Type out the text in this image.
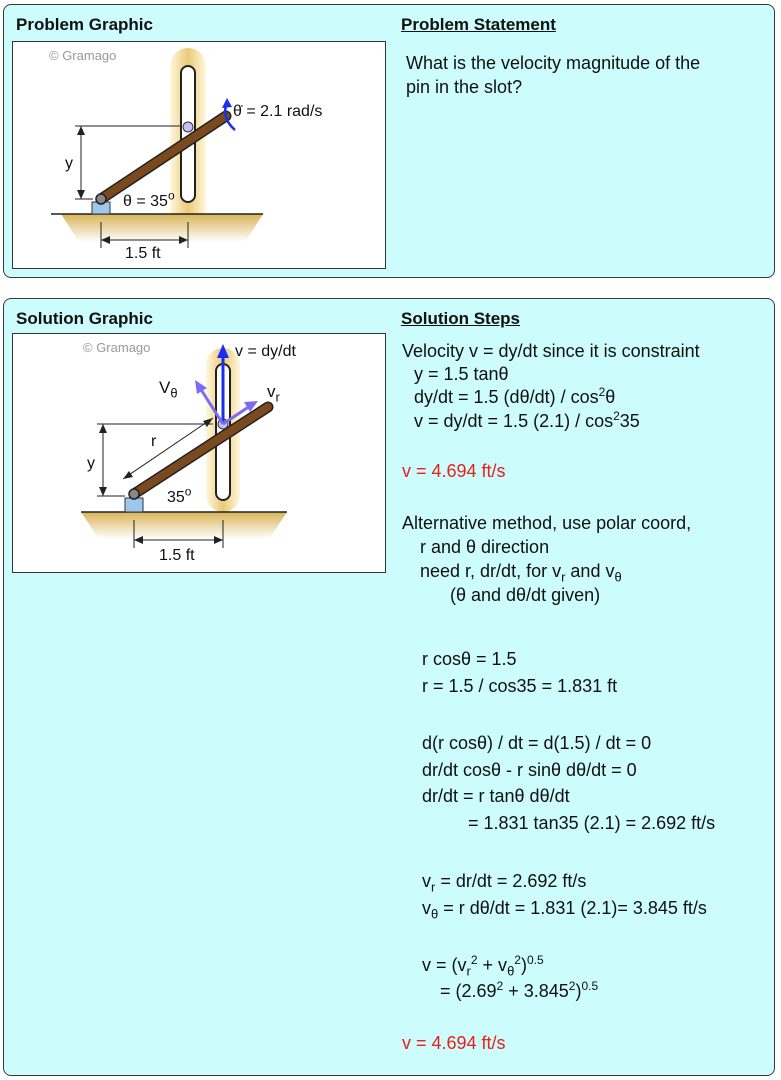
Problem Graphic	Problem Statement
What is the velocity magnitude of the
pin in the slot?
© Gramago
θ̇ = 2.1 rad/s
y
$\theta = 35^o$
1.5 ft
Solution Graphic	Solution Steps
© Gramago	v = dy/dt
$V_\theta$	$v_r$
r
y
35$^o$
1.5 ft
Velocity v = dy/dt since it is constraint
y = 1.5 tanθ
dy/dt = 1.5 $(d\theta/dt) / \cos^2\theta$
v = dy/dt = 1.5 $(2.1) / \cos^235$
v = 4.694 ft/s
Alternative method, use polar coord,
r and θ direction
need r, dr/dt, for $v_r$ and $v_\theta$
(θ and dθ/dt given)
r cosθ = 1.5
r = 1.5 / cos35 = 1.831 ft
d(r cosθ) / dt = d(1.5) / dt = 0
dr/dt cosθ - r sinθ dθ/dt = 0
dr/dt = r tanθ dθ/dt
= 1.831 tan35 (2.1) = 2.692 ft/s
$v_r = dr/dt = 2.692$ ft/s
$v_\theta = r$ dθ/dt = 1.831 (2.1)= 3.845 ft/s
$v = (v_r^2 + v_\theta^2)^{0.5}$
= $(2.69^2 + 3.845^2)^{0.5}$
v = 4.694 ft/s
